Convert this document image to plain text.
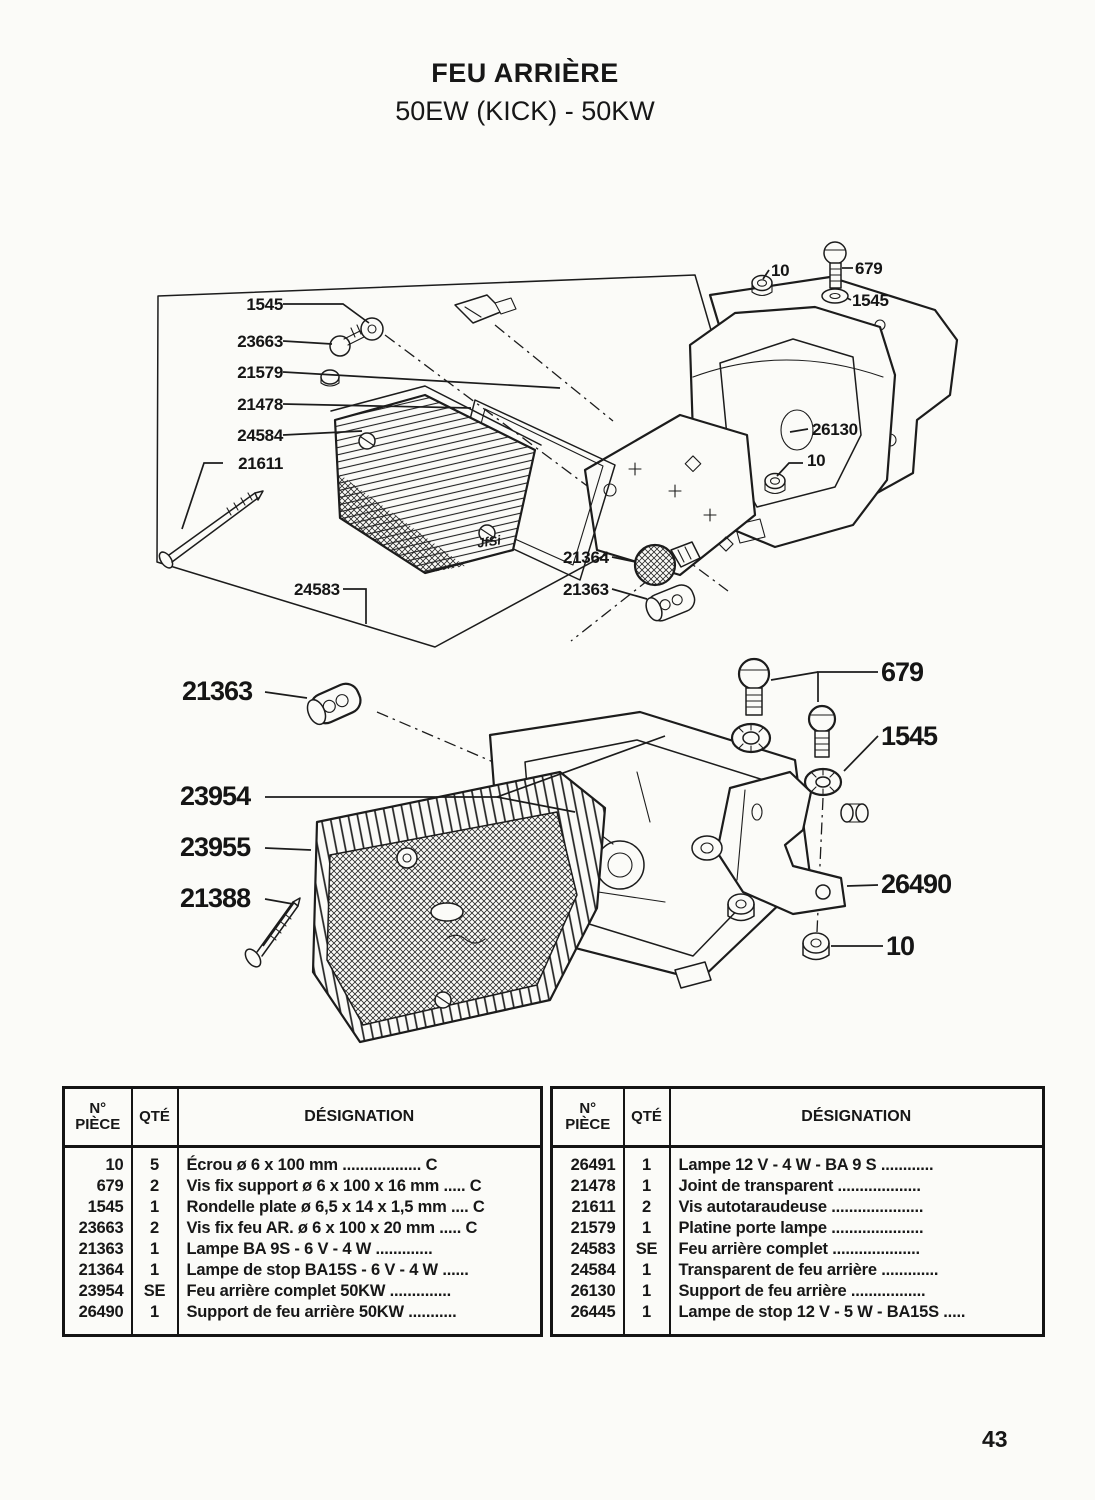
FEU ARRIÈRE
50EW (KICK) - 50KW
1545
23663
21579
21478
24584
21611
10	679
1545
26130
10
21364
21363
24583
JfSi
21363
23954
23955
21388
679
1545
26490
10
N°
PIÈCE	QTÉ	DÉSIGNATION

10	5	Écrou ø 6 x 100 mm .................. C
679	2	Vis fix support ø 6 x 100 x 16 mm ..... C
1545	1	Rondelle plate ø 6,5 x 14 x 1,5 mm .... C
23663	2	Vis fix feu AR. ø 6 x 100 x 20 mm ..... C
21363	1	Lampe BA 9S - 6 V - 4 W .............
21364	1	Lampe de stop BA15S - 6 V - 4 W ......
23954	SE	Feu arrière complet 50KW ..............
26490	1	Support de feu arrière 50KW ...........

N°
PIÈCE	QTÉ	DÉSIGNATION

26491	1	Lampe 12 V - 4 W - BA 9 S ............
21478	1	Joint de transparent ...................
21611	2	Vis autotaraudeuse .....................
21579	1	Platine porte lampe .....................
24583	SE	Feu arrière complet ....................
24584	1	Transparent de feu arrière .............
26130	1	Support de feu arrière .................
26445	1	Lampe de stop 12 V - 5 W - BA15S .....

43
